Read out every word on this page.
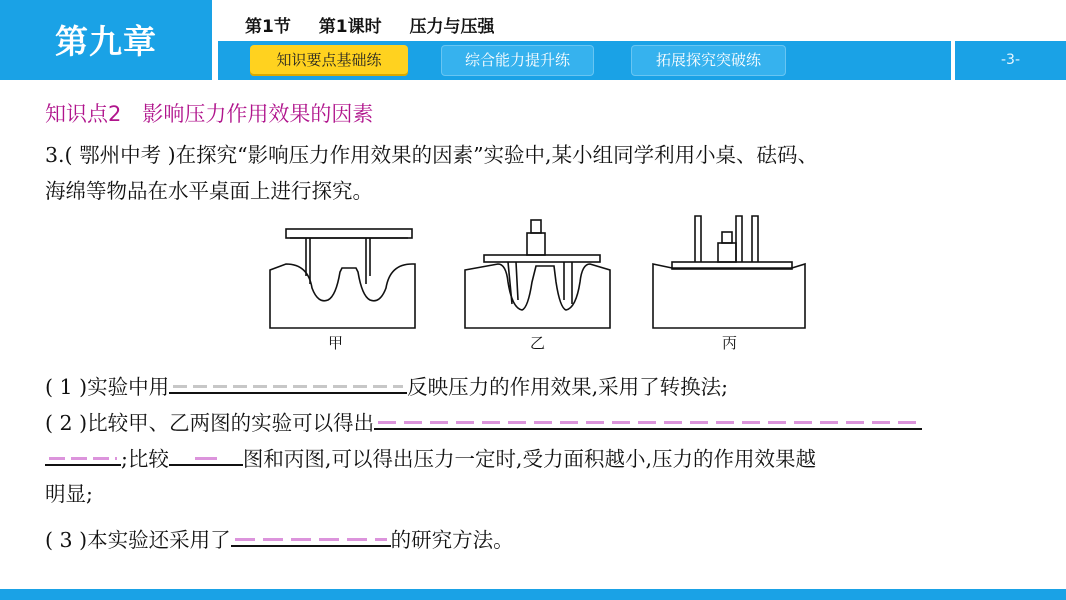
第九章	第1节 第1课时 压力与压强
知识要点基础练	综合能力提升练	拓展探究突破练	-3-
知识点2　影响压力作用效果的因素
3.( 鄂州中考 )在探究“影响压力作用效果的因素”实验中,某小组同学利用小桌、砝码、
海绵等物品在水平桌面上进行探究。
甲	乙	丙
( 1 )实验中用	反映压力的作用效果,采用了转换法;
( 2 )比较甲、乙两图的实验可以得出
;比较	图和丙图,可以得出压力一定时,受力面积越小,压力的作用效果越
明显;
( 3 )本实验还采用了	的研究方法。
